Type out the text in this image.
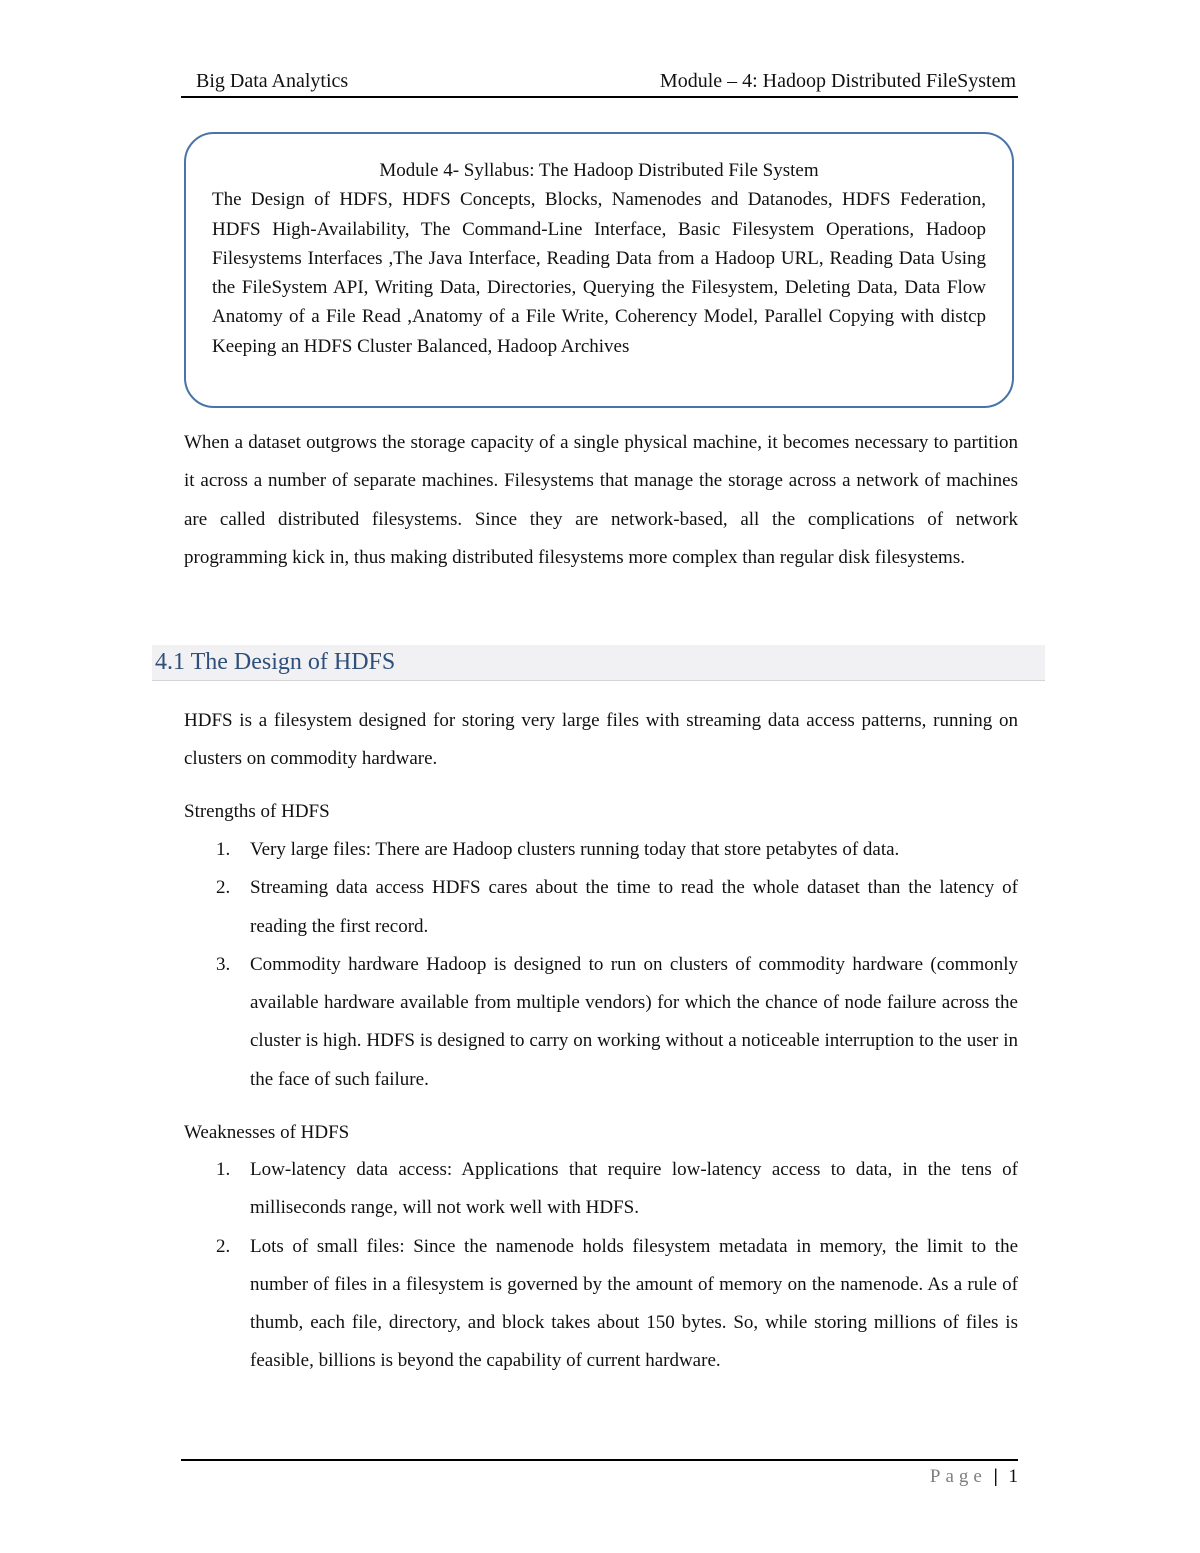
Big Data Analytics	Module – 4: Hadoop Distributed FileSystem
Module 4- Syllabus: The Hadoop Distributed File System
The Design of HDFS, HDFS Concepts, Blocks, Namenodes and Datanodes, HDFS Federation, HDFS High-Availability, The Command-Line Interface, Basic Filesystem Operations, Hadoop Filesystems Interfaces ,The Java Interface, Reading Data from a Hadoop URL, Reading Data Using the FileSystem API, Writing Data, Directories, Querying the Filesystem, Deleting Data, Data Flow Anatomy of a File Read ,Anatomy of a File Write, Coherency Model, Parallel Copying with distcp Keeping an HDFS Cluster Balanced, Hadoop Archives
When a dataset outgrows the storage capacity of a single physical machine, it becomes necessary to partition it across a number of separate machines. Filesystems that manage the storage across a network of machines are called distributed filesystems. Since they are network-based, all the complications of network programming kick in, thus making distributed filesystems more complex than regular disk filesystems.
4.1 The Design of HDFS
HDFS is a filesystem designed for storing very large files with streaming data access patterns, running on clusters on commodity hardware.
Strengths of HDFS
1. Very large files: There are Hadoop clusters running today that store petabytes of data.
2. Streaming data access HDFS cares about the time to read the whole dataset than the latency of reading the first record.
3. Commodity hardware Hadoop is designed to run on clusters of commodity hardware (commonly available hardware available from multiple vendors) for which the chance of node failure across the cluster is high. HDFS is designed to carry on working without a noticeable interruption to the user in the face of such failure.
Weaknesses of HDFS
1. Low-latency data access: Applications that require low-latency access to data, in the tens of milliseconds range, will not work well with HDFS.
2. Lots of small files: Since the namenode holds filesystem metadata in memory, the limit to the number of files in a filesystem is governed by the amount of memory on the namenode. As a rule of thumb, each file, directory, and block takes about 150 bytes. So, while storing millions of files is feasible, billions is beyond the capability of current hardware.
Page | 1
